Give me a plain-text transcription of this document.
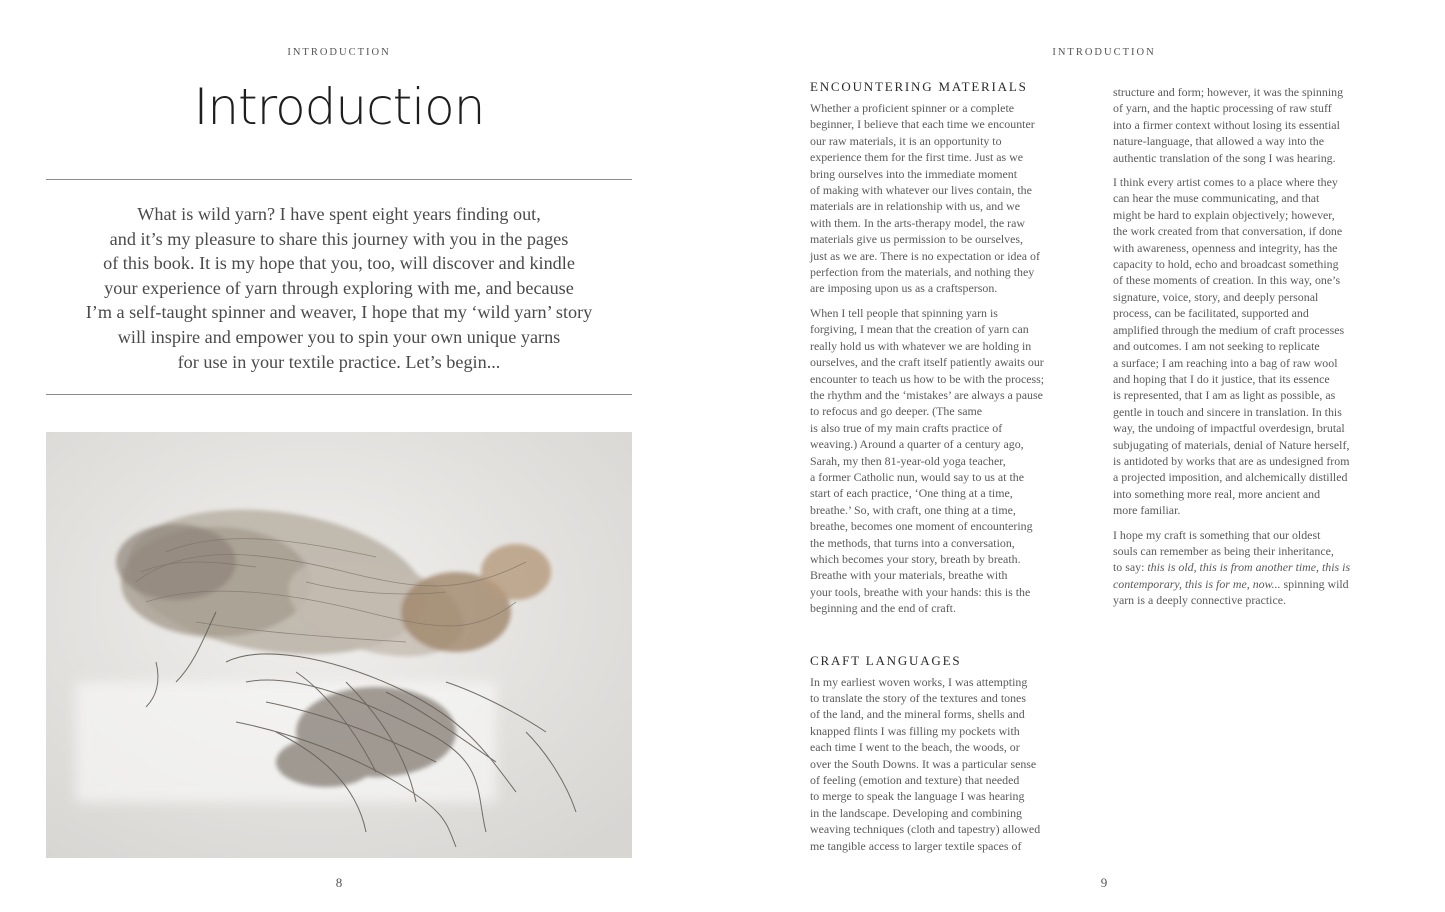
INTRODUCTION
Introduction
What is wild yarn? I have spent eight years finding out,
and it’s my pleasure to share this journey with you in the pages
of this book. It is my hope that you, too, will discover and kindle
your experience of yarn through exploring with me, and because
I’m a self-taught spinner and weaver, I hope that my ‘wild yarn’ story
will inspire and empower you to spin your own unique yarns
for use in your textile practice. Let’s begin...
8
INTRODUCTION
ENCOUNTERING MATERIALS
Whether a proficient spinner or a complete
beginner, I believe that each time we encounter
our raw materials, it is an opportunity to
experience them for the first time. Just as we
bring ourselves into the immediate moment
of making with whatever our lives contain, the
materials are in relationship with us, and we
with them. In the arts-therapy model, the raw
materials give us permission to be ourselves,
just as we are. There is no expectation or idea of
perfection from the materials, and nothing they
are imposing upon us as a craftsperson.
When I tell people that spinning yarn is
forgiving, I mean that the creation of yarn can
really hold us with whatever we are holding in
ourselves, and the craft itself patiently awaits our
encounter to teach us how to be with the process;
the rhythm and the ‘mistakes’ are always a pause
to refocus and go deeper. (The same
is also true of my main crafts practice of
weaving.) Around a quarter of a century ago,
Sarah, my then 81-year-old yoga teacher,
a former Catholic nun, would say to us at the
start of each practice, ‘One thing at a time,
breathe.’ So, with craft, one thing at a time,
breathe, becomes one moment of encountering
the methods, that turns into a conversation,
which becomes your story, breath by breath.
Breathe with your materials, breathe with
your tools, breathe with your hands: this is the
beginning and the end of craft.
CRAFT LANGUAGES
In my earliest woven works, I was attempting
to translate the story of the textures and tones
of the land, and the mineral forms, shells and
knapped flints I was filling my pockets with
each time I went to the beach, the woods, or
over the South Downs. It was a particular sense
of feeling (emotion and texture) that needed
to merge to speak the language I was hearing
in the landscape. Developing and combining
weaving techniques (cloth and tapestry) allowed
me tangible access to larger textile spaces of
structure and form; however, it was the spinning
of yarn, and the haptic processing of raw stuff
into a firmer context without losing its essential
nature-language, that allowed a way into the
authentic translation of the song I was hearing.
I think every artist comes to a place where they
can hear the muse communicating, and that
might be hard to explain objectively; however,
the work created from that conversation, if done
with awareness, openness and integrity, has the
capacity to hold, echo and broadcast something
of these moments of creation. In this way, one’s
signature, voice, story, and deeply personal
process, can be facilitated, supported and
amplified through the medium of craft processes
and outcomes. I am not seeking to replicate
a surface; I am reaching into a bag of raw wool
and hoping that I do it justice, that its essence
is represented, that I am as light as possible, as
gentle in touch and sincere in translation. In this
way, the undoing of impactful overdesign, brutal
subjugating of materials, denial of Nature herself,
is antidoted by works that are as undesigned from
a projected imposition, and alchemically distilled
into something more real, more ancient and
more familiar.
I hope my craft is something that our oldest
souls can remember as being their inheritance,
to say: this is old, this is from another time, this is
contemporary, this is for me, now... spinning wild
yarn is a deeply connective practice.
9
